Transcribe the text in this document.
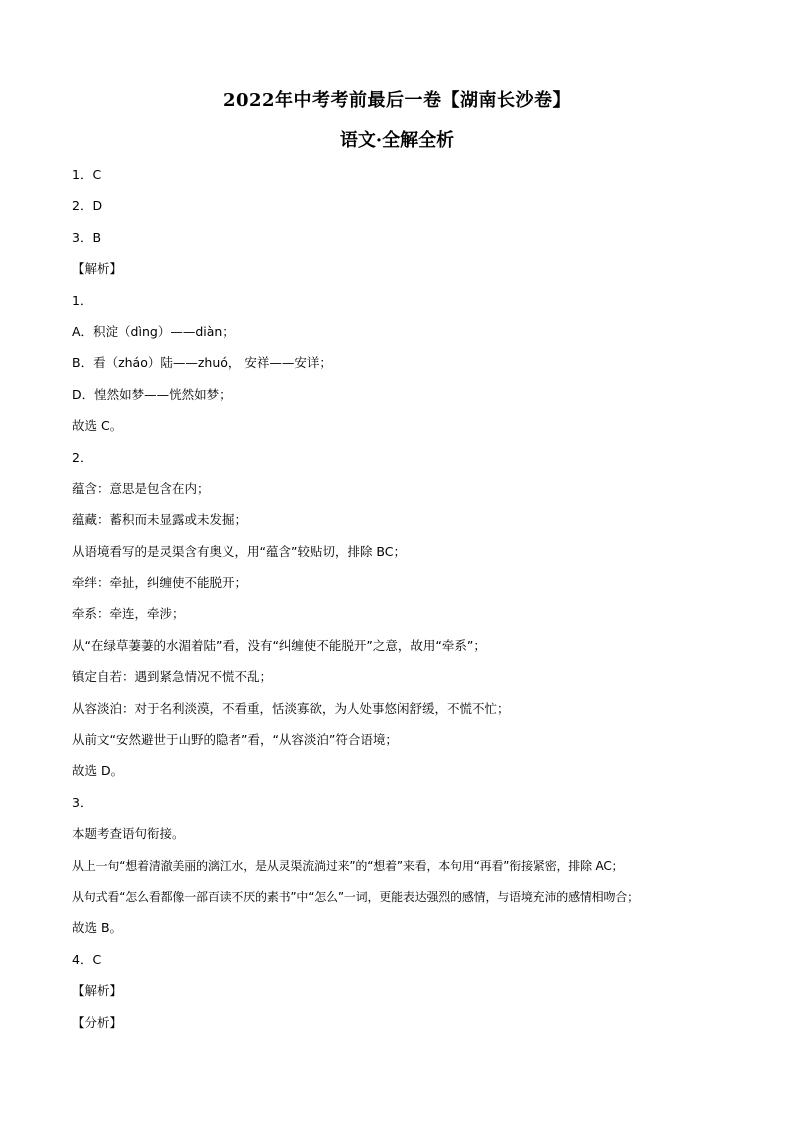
2022年中考考前最后一卷【湖南长沙卷】
语文·全解全析
1．C
2．D
3．B
【解析】
1．
A．积淀（dìng）——diàn；
B．看（zháo）陆——zhuó， 安祥——安详；
D．惶然如梦——恍然如梦；
故选 C。
2．
蕴含：意思是包含在内；
蕴藏：蓄积而未显露或未发掘；
从语境看写的是灵渠含有奥义，用“蕴含”较贴切，排除 BC；
牵绊：牵扯，纠缠使不能脱开；
牵系：牵连，牵涉；
从“在绿草萋萋的水湄着陆”看，没有“纠缠使不能脱开”之意，故用“牵系”；
镇定自若：遇到紧急情况不慌不乱；
从容淡泊：对于名利淡漠，不看重，恬淡寡欲，为人处事悠闲舒缓，不慌不忙；
从前文“安然避世于山野的隐者”看，“从容淡泊”符合语境；
故选 D。
3．
本题考查语句衔接。
从上一句“想着清澈美丽的漓江水，是从灵渠流淌过来”的“想着”来看，本句用“再看”衔接紧密，排除 AC；
从句式看“怎么看都像一部百读不厌的素书”中“怎么”一词，更能表达强烈的感情，与语境充沛的感情相吻合；
故选 B。
4．C
【解析】
【分析】
